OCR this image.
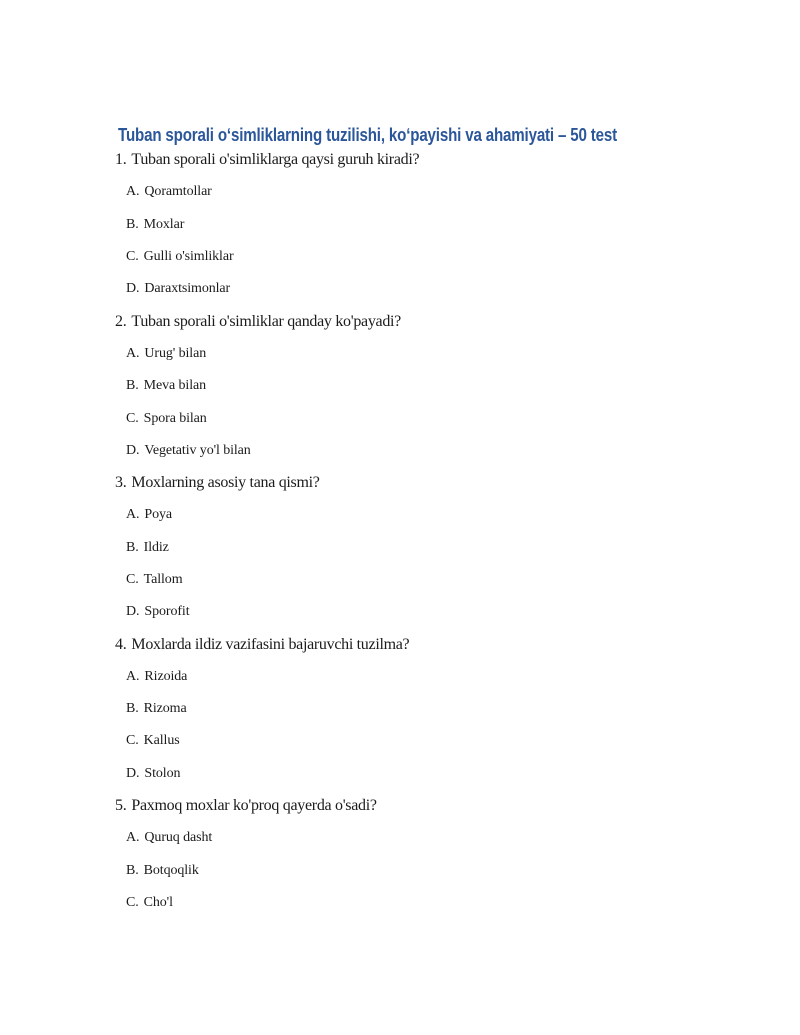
Tuban sporali oʻsimliklarning tuzilishi, koʻpayishi va ahamiyati – 50 test
1. Tuban sporali o'simliklarga qaysi guruh kiradi?
A. Qoramtollar
B. Moxlar
C. Gulli o'simliklar
D. Daraxtsimonlar
2. Tuban sporali o'simliklar qanday ko'payadi?
A. Urug' bilan
B. Meva bilan
C. Spora bilan
D. Vegetativ yo'l bilan
3. Moxlarning asosiy tana qismi?
A. Poya
B. Ildiz
C. Tallom
D. Sporofit
4. Moxlarda ildiz vazifasini bajaruvchi tuzilma?
A. Rizoida
B. Rizoma
C. Kallus
D. Stolon
5. Paxmoq moxlar ko'proq qayerda o'sadi?
A. Quruq dasht
B. Botqoqlik
C. Cho'l
